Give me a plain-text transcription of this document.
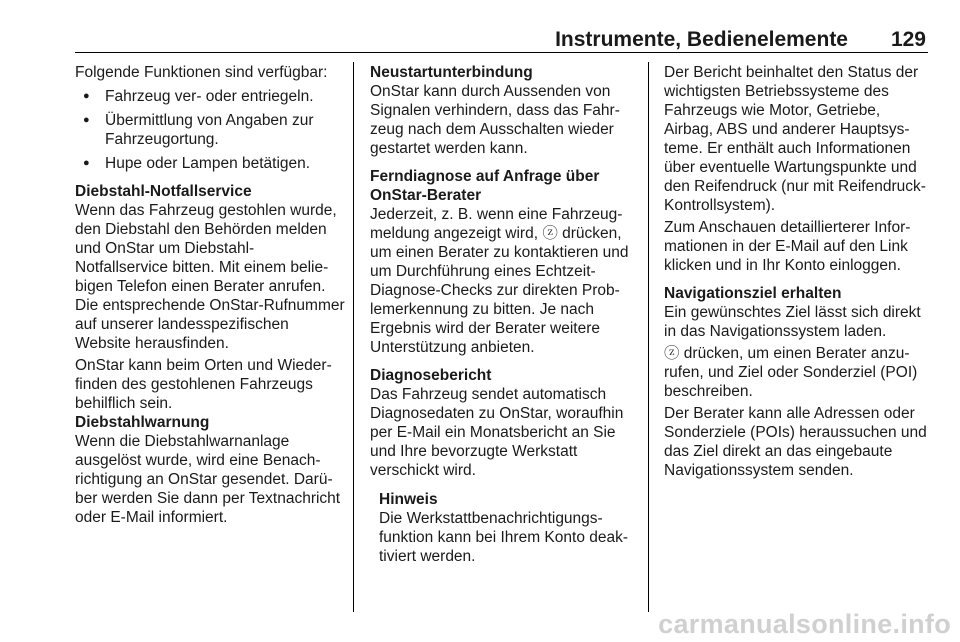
Instrumente, Bedienelemente 129

Folgende Funktionen sind verfügbar:

● Fahrzeug ver- oder entriegeln.
● Übermittlung von Angaben zur Fahrzeugortung.
● Hupe oder Lampen betätigen.

Diebstahl-Notfallservice

Wenn das Fahrzeug gestohlen wurde, den Diebstahl den Behörden melden und OnStar um Diebstahl-Notfallservice bitten. Mit einem beliebigen Telefon einen Berater anrufen. Die entsprechende OnStar-Rufnummer auf unserer landesspezifischen Website herausfinden.

OnStar kann beim Orten und Wiederfinden des gestohlenen Fahrzeugs behilflich sein.

Diebstahlwarnung

Wenn die Diebstahlwarnanlage ausgelöst wurde, wird eine Benachrichtigung an OnStar gesendet. Darüber werden Sie dann per Textnachricht oder E-Mail informiert.

Neustartunterbindung

OnStar kann durch Aussenden von Signalen verhindern, dass das Fahrzeug nach dem Ausschalten wieder gestartet werden kann.

Ferndiagnose auf Anfrage über OnStar-Berater

Jederzeit, z. B. wenn eine Fahrzeugmeldung angezeigt wird, ⓩ drücken, um einen Berater zu kontaktieren und um Durchführung eines Echtzeit-Diagnose-Checks zur direkten Problemerkennung zu bitten. Je nach Ergebnis wird der Berater weitere Unterstützung anbieten.

Diagnosebericht

Das Fahrzeug sendet automatisch Diagnosedaten zu OnStar, woraufhin per E-Mail ein Monatsbericht an Sie und Ihre bevorzugte Werkstatt verschickt wird.

Hinweis

Die Werkstattbenachrichtigungsfunktion kann bei Ihrem Konto deaktiviert werden.

Der Bericht beinhaltet den Status der wichtigsten Betriebssysteme des Fahrzeugs wie Motor, Getriebe, Airbag, ABS und anderer Hauptsysteme. Er enthält auch Informationen über eventuelle Wartungspunkte und den Reifendruck (nur mit Reifendruck-Kontrollsystem).

Zum Anschauen detaillierterer Informationen in der E-Mail auf den Link klicken und in Ihr Konto einloggen.

Navigationsziel erhalten

Ein gewünschtes Ziel lässt sich direkt in das Navigationssystem laden.

ⓩ drücken, um einen Berater anzurufen, und Ziel oder Sonderziel (POI) beschreiben.

Der Berater kann alle Adressen oder Sonderziele (POIs) heraussuchen und das Ziel direkt an das eingebaute Navigationssystem senden.

carmanualsonline.info
